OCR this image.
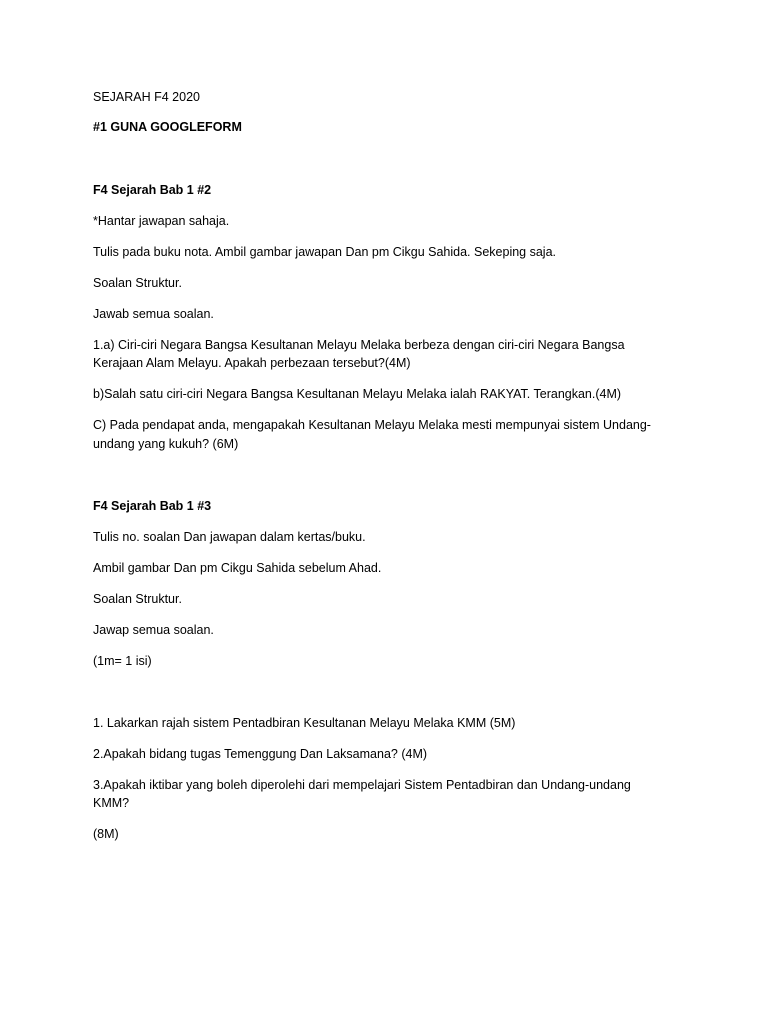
SEJARAH F4 2020
#1 GUNA GOOGLEFORM
F4 Sejarah Bab 1 #2
*Hantar jawapan sahaja.
Tulis pada buku nota. Ambil gambar jawapan Dan pm Cikgu Sahida. Sekeping saja.
Soalan Struktur.
Jawab semua soalan.
1.a) Ciri-ciri Negara Bangsa Kesultanan Melayu Melaka berbeza dengan ciri-ciri Negara Bangsa
Kerajaan Alam Melayu. Apakah perbezaan tersebut?(4M)
b)Salah satu ciri-ciri Negara Bangsa Kesultanan Melayu Melaka ialah RAKYAT. Terangkan.(4M)
C) Pada pendapat anda, mengapakah Kesultanan Melayu Melaka mesti mempunyai sistem Undang-
undang yang kukuh? (6M)
F4 Sejarah Bab 1 #3
Tulis no. soalan Dan jawapan dalam kertas/buku.
Ambil gambar Dan pm Cikgu Sahida sebelum Ahad.
Soalan Struktur.
Jawap semua soalan.
(1m= 1 isi)
1. Lakarkan rajah sistem Pentadbiran Kesultanan Melayu Melaka KMM (5M)
2.Apakah bidang tugas Temenggung Dan Laksamana? (4M)
3.Apakah iktibar yang boleh diperolehi dari mempelajari Sistem Pentadbiran dan Undang-undang
KMM?
(8M)
